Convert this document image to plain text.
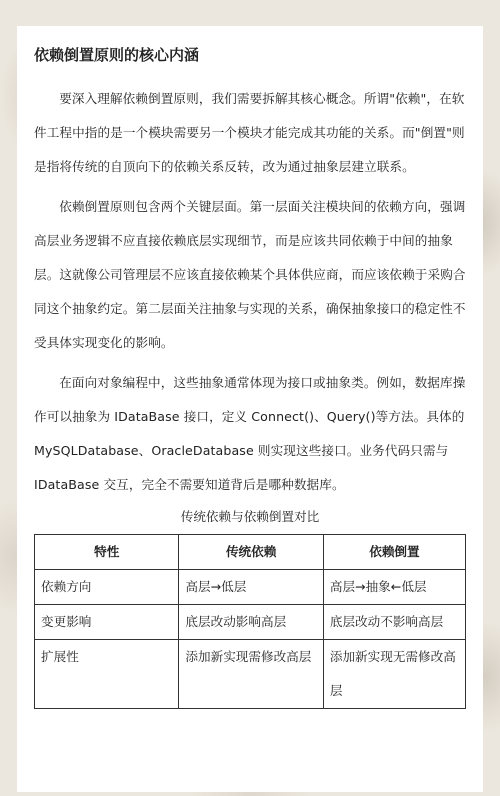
依赖倒置原则的核心内涵

要深入理解依赖倒置原则，我们需要拆解其核心概念。所谓"依赖"，在软件工程中指的是一个模块需要另一个模块才能完成其功能的关系。而"倒置"则是指将传统的自顶向下的依赖关系反转，改为通过抽象层建立联系。

依赖倒置原则包含两个关键层面。第一层面关注模块间的依赖方向，强调高层业务逻辑不应直接依赖底层实现细节，而是应该共同依赖于中间的抽象层。这就像公司管理层不应该直接依赖某个具体供应商，而应该依赖于采购合同这个抽象约定。第二层面关注抽象与实现的关系，确保抽象接口的稳定性不受具体实现变化的影响。

在面向对象编程中，这些抽象通常体现为接口或抽象类。例如，数据库操作可以抽象为 IDataBase 接口，定义 Connect()、Query()等方法。具体的 MySQLDatabase、OracleDatabase 则实现这些接口。业务代码只需与 IDataBase 交互，完全不需要知道背后是哪种数据库。

传统依赖与依赖倒置对比
特性	传统依赖	依赖倒置
依赖方向	高层→低层	高层→抽象←低层
变更影响	底层改动影响高层	底层改动不影响高层
扩展性	添加新实现需修改高层	添加新实现无需修改高层
